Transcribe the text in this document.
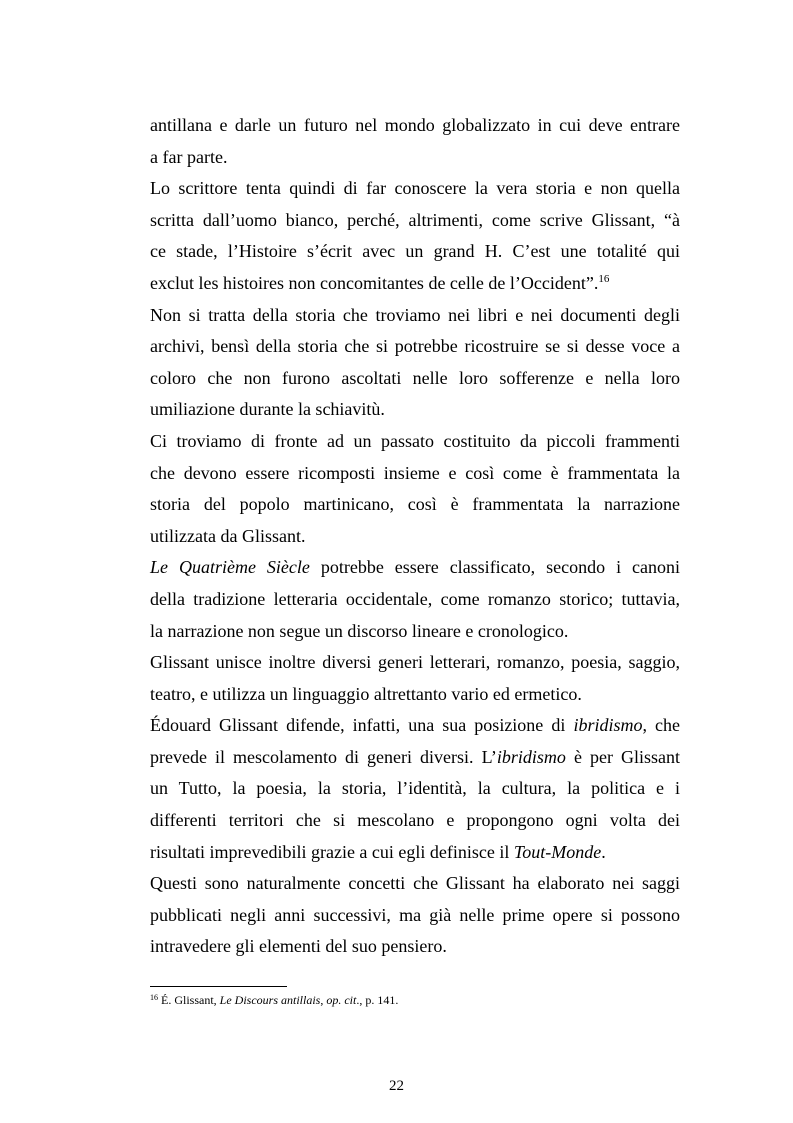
antillana e darle un futuro nel mondo globalizzato in cui deve entrare
a far parte.
Lo scrittore tenta quindi di far conoscere la vera storia e non quella
scritta dall’uomo bianco, perché, altrimenti, come scrive Glissant, “à
ce stade, l’Histoire s’écrit avec un grand H. C’est une totalité qui
exclut les histoires non concomitantes de celle de l’Occident”.$^{16}$
Non si tratta della storia che troviamo nei libri e nei documenti degli
archivi, bensì della storia che si potrebbe ricostruire se si desse voce a
coloro che non furono ascoltati nelle loro sofferenze e nella loro
umiliazione durante la schiavitù.
Ci troviamo di fronte ad un passato costituito da piccoli frammenti
che devono essere ricomposti insieme e così come è frammentata la
storia del popolo martinicano, così è frammentata la narrazione
utilizzata da Glissant.
Le Quatrième Siècle potrebbe essere classificato, secondo i canoni
della tradizione letteraria occidentale, come romanzo storico; tuttavia,
la narrazione non segue un discorso lineare e cronologico.
Glissant unisce inoltre diversi generi letterari, romanzo, poesia, saggio,
teatro, e utilizza un linguaggio altrettanto vario ed ermetico.
Édouard Glissant difende, infatti, una sua posizione di ibridismo, che
prevede il mescolamento di generi diversi. L’ibridismo è per Glissant
un Tutto, la poesia, la storia, l’identità, la cultura, la politica e i
differenti territori che si mescolano e propongono ogni volta dei
risultati imprevedibili grazie a cui egli definisce il Tout-Monde.
Questi sono naturalmente concetti che Glissant ha elaborato nei saggi
pubblicati negli anni successivi, ma già nelle prime opere si possono
intravedere gli elementi del suo pensiero.
$^{16}$ É. Glissant, Le Discours antillais, op. cit., p. 141.
22
